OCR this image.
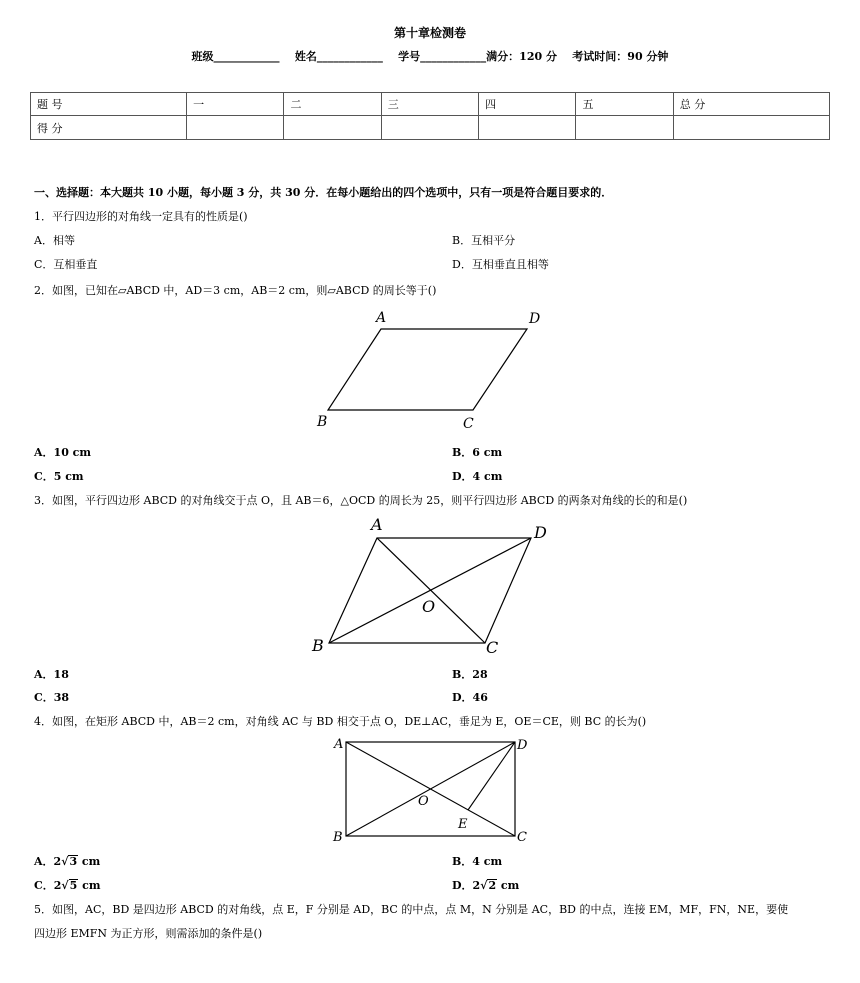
第十章检测卷
班级____________    姓名____________    学号____________满分：120 分    考试时间：90 分钟
题 号	一	二	三	四	五	总 分
得 分						
一、选择题：本大题共 10 小题，每小题 3 分，共 30 分．在每小题给出的四个选项中，只有一项是符合题目要求的．
1．平行四边形的对角线一定具有的性质是()
A．相等	B．互相平分
C．互相垂直	D．互相垂直且相等
2．如图，已知在▱ABCD 中，AD＝3 cm，AB＝2 cm，则▱ABCD 的周长等于()
A	D
B	C
A．10 cm	B．6 cm
C．5 cm	D．4 cm
3．如图，平行四边形 ABCD 的对角线交于点 O，且 AB＝6，△OCD 的周长为 25，则平行四边形 ABCD 的两条对角线的长的和是()
A	D
B	C
O
A．18	B．28
C．38	D．46
4．如图，在矩形 ABCD 中，AB＝2 cm，对角线 AC 与 BD 相交于点 O，DE⊥AC，垂足为 E，OE＝CE，则 BC 的长为()
A	D
B	C
O
E
A．2√3 cm	B．4 cm
C．2√5 cm	D．2√2 cm
5．如图，AC，BD 是四边形 ABCD 的对角线，点 E，F 分别是 AD，BC 的中点，点 M，N 分别是 AC，BD 的中点，连接 EM，MF，FN，NE，要使
四边形 EMFN 为正方形，则需添加的条件是()
